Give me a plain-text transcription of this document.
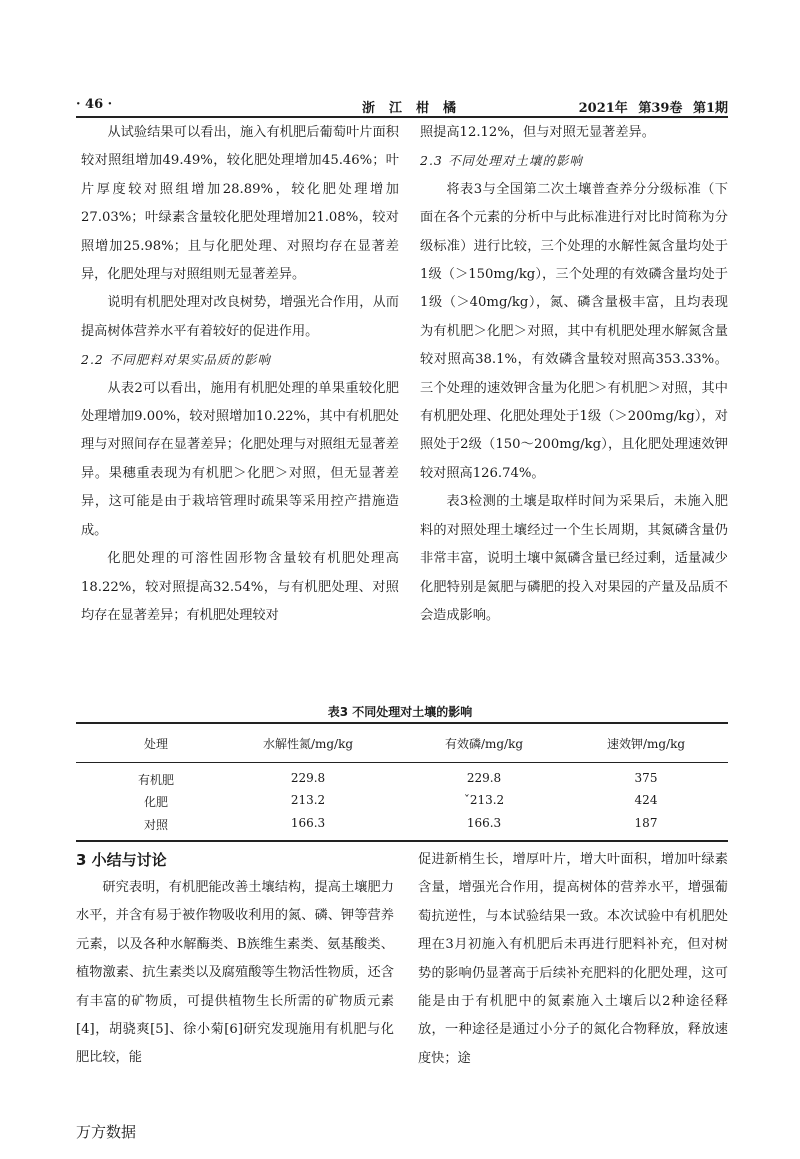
· 46 ·	浙江柑橘	2021年 第39卷 第1期

从试验结果可以看出，施入有机肥后葡萄叶片面积较对照组增加49.49%，较化肥处理增加45.46%；叶片厚度较对照组增加28.89%，较化肥处理增加27.03%；叶绿素含量较化肥处理增加21.08%，较对照增加25.98%；且与化肥处理、对照均存在显著差异，化肥处理与对照组则无显著差异。

说明有机肥处理对改良树势，增强光合作用，从而提高树体营养水平有着较好的促进作用。

2.2 不同肥料对果实品质的影响

从表2可以看出，施用有机肥处理的单果重较化肥处理增加9.00%，较对照增加10.22%，其中有机肥处理与对照间存在显著差异；化肥处理与对照组无显著差异。果穗重表现为有机肥＞化肥＞对照，但无显著差异，这可能是由于栽培管理时疏果等采用控产措施造成。

化肥处理的可溶性固形物含量较有机肥处理高18.22%，较对照提高32.54%，与有机肥处理、对照均存在显著差异；有机肥处理较对

照提高12.12%，但与对照无显著差异。

2.3 不同处理对土壤的影响

将表3与全国第二次土壤普查养分分级标准（下面在各个元素的分析中与此标准进行对比时简称为分级标准）进行比较，三个处理的水解性氮含量均处于1级（＞150mg/kg），三个处理的有效磷含量均处于1级（＞40mg/kg），氮、磷含量极丰富，且均表现为有机肥＞化肥＞对照，其中有机肥处理水解氮含量较对照高38.1%，有效磷含量较对照高353.33%。三个处理的速效钾含量为化肥＞有机肥＞对照，其中有机肥处理、化肥处理处于1级（＞200mg/kg），对照处于2级（150～200mg/kg），且化肥处理速效钾较对照高126.74%。

表3检测的土壤是取样时间为采果后，未施入肥料的对照处理土壤经过一个生长周期，其氮磷含量仍非常丰富，说明土壤中氮磷含量已经过剩，适量减少化肥特别是氮肥与磷肥的投入对果园的产量及品质不会造成影响。

表3 不同处理对土壤的影响
处理	水解性氮/mg/kg	有效磷/mg/kg	速效钾/mg/kg
有机肥	229.8	229.8	375
化肥	213.2	ˇ213.2	424
对照	166.3	166.3	187
3 小结与讨论

研究表明，有机肥能改善土壤结构，提高土壤肥力水平，并含有易于被作物吸收利用的氮、磷、钾等营养元素，以及各种水解酶类、B族维生素类、氨基酸类、植物激素、抗生素类以及腐殖酸等生物活性物质，还含有丰富的矿物质，可提供植物生长所需的矿物质元素[4]，胡骁爽[5]、徐小菊[6]研究发现施用有机肥与化肥比较，能

促进新梢生长，增厚叶片，增大叶面积，增加叶绿素含量，增强光合作用，提高树体的营养水平，增强葡萄抗逆性，与本试验结果一致。本次试验中有机肥处理在3月初施入有机肥后未再进行肥料补充，但对树势的影响仍显著高于后续补充肥料的化肥处理，这可能是由于有机肥中的氮素施入土壤后以2种途径释放，一种途径是通过小分子的氮化合物释放，释放速度快；途

万方数据
